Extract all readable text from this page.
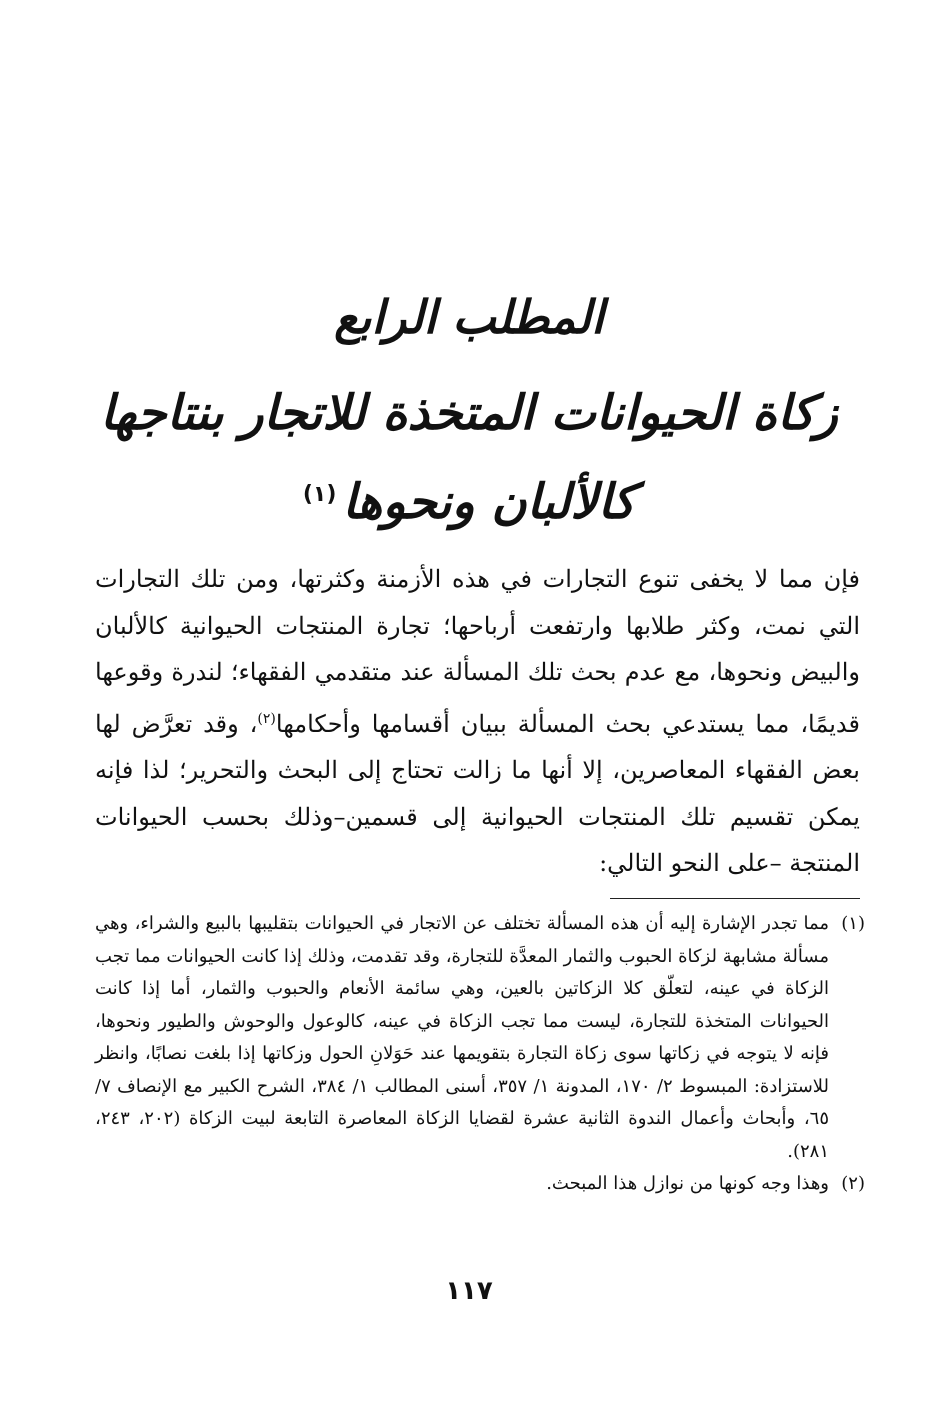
المطلب الرابع
زكاة الحيوانات المتخذة للاتجار بنتاجها
كالألبان ونحوها$^{(١)}$

فإن مما لا يخفى تنوع التجارات في هذه الأزمنة وكثرتها، ومن تلك التجارات التي نمت، وكثر طلابها وارتفعت أرباحها؛ تجارة المنتجات الحيوانية كالألبان والبيض ونحوها، مع عدم بحث تلك المسألة عند متقدمي الفقهاء؛ لندرة وقوعها قديمًا، مما يستدعي بحث المسألة ببيان أقسامها وأحكامها$^{(٢)}$، وقد تعرَّض لها بعض الفقهاء المعاصرين، إلا أنها ما زالت تحتاج إلى البحث والتحرير؛ لذا فإنه يمكن تقسيم تلك المنتجات الحيوانية إلى قسمين–وذلك بحسب الحيوانات المنتجة –على النحو التالي:

(١)
مما تجدر الإشارة إليه أن هذه المسألة تختلف عن الاتجار في الحيوانات بتقليبها بالبيع والشراء، وهي مسألة مشابهة لزكاة الحبوب والثمار المعدَّة للتجارة، وقد تقدمت، وذلك إذا كانت الحيوانات مما تجب الزكاة في عينه، لتعلّق كلا الزكاتين بالعين، وهي سائمة الأنعام والحبوب والثمار، أما إذا كانت الحيوانات المتخذة للتجارة، ليست مما تجب الزكاة في عينه، كالوعول والوحوش والطيور ونحوها، فإنه لا يتوجه في زكاتها سوى زكاة التجارة بتقويمها عند حَوَلانِ الحول وزكاتها إذا بلغت نصابًا، وانظر للاستزادة: المبسوط ٢/ ١٧٠، المدونة ١/ ٣٥٧، أسنى المطالب ١/ ٣٨٤، الشرح الكبير مع الإنصاف ٧/ ٦٥، وأبحاث وأعمال الندوة الثانية عشرة لقضايا الزكاة المعاصرة التابعة لبيت الزكاة (٢٠٢، ٢٤٣، ٢٨١).
(٢)
وهذا وجه كونها من نوازل هذا المبحث.
١١٧
